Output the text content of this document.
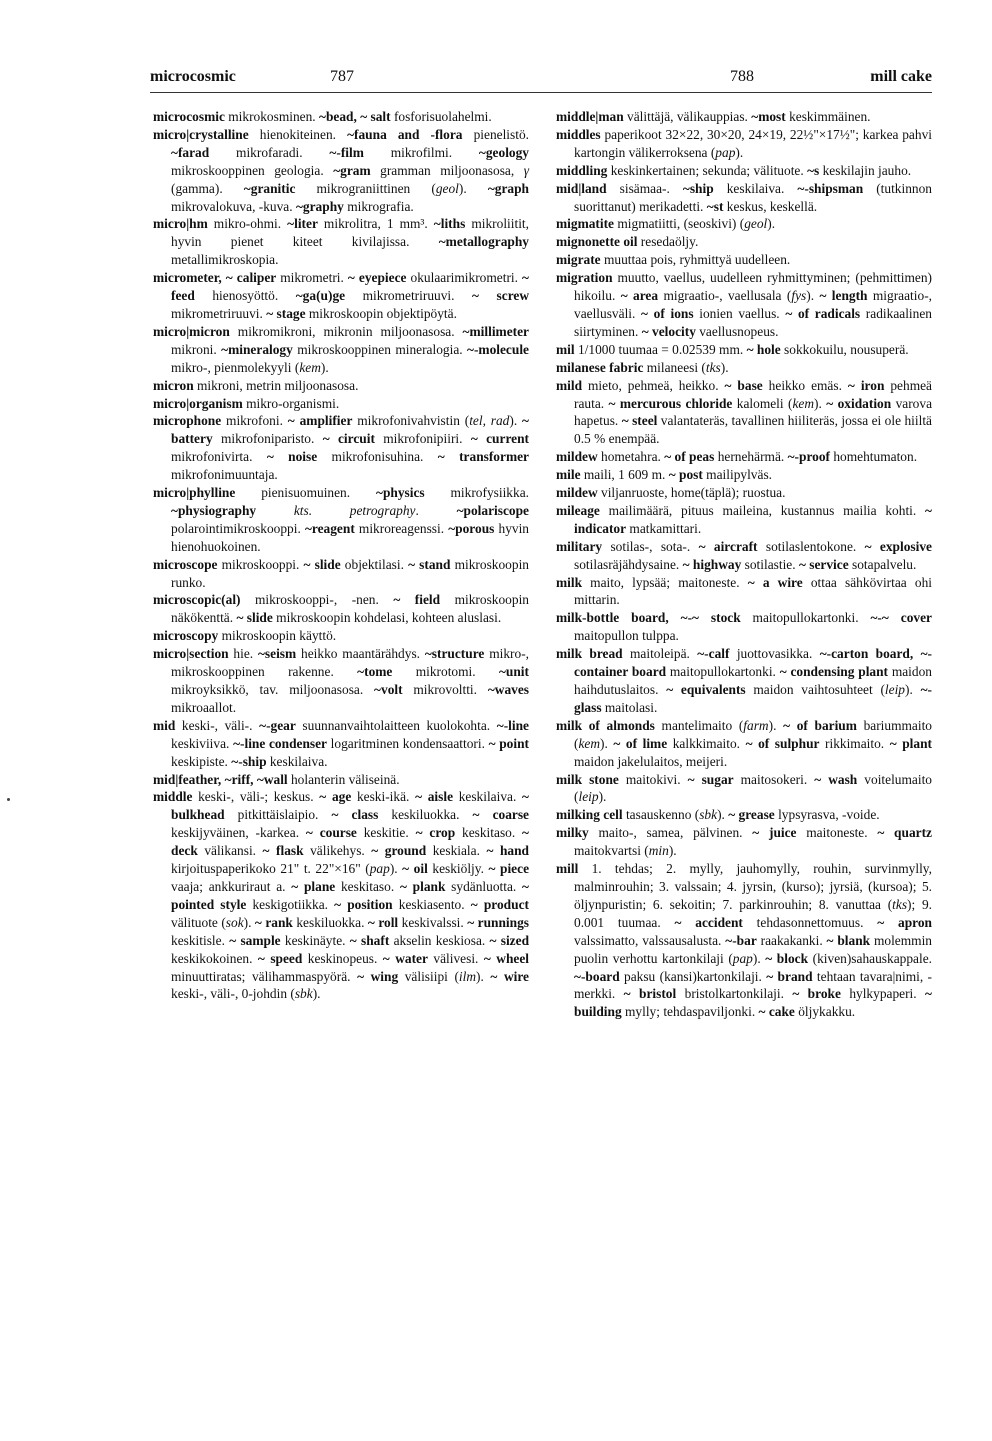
microcosmic	787	788	mill cake

microcosmic mikrokosminen. ~bead, ~ salt fosforisuolahelmi.

micro|crystalline hienokiteinen. ~fauna and -flora pienelistö. ~farad mikrofaradi. ~-film mikrofilmi. ~geology mikroskooppinen geologia. ~gram gramman miljoonasosa, γ (gamma). ~granitic mikrograniittinen (geol). ~graph mikrovalokuva, -kuva. ~graphy mikrografia.

micro|hm mikro-ohmi. ~liter mikrolitra, 1 mm³. ~liths mikroliitit, hyvin pienet kiteet kivilajissa. ~metallography metallimikroskopia.

micrometer, ~ caliper mikrometri. ~ eyepiece okulaarimikrometri. ~ feed hienosyöttö. ~ga(u)ge mikrometriruuvi. ~ screw mikrometriruuvi. ~ stage mikroskoopin objektipöytä.

micro|micron mikromikroni, mikronin miljoonasosa. ~millimeter mikroni. ~mineralogy mikroskooppinen mineralogia. ~-molecule mikro-, pienmolekyyli (kem).

micron mikroni, metrin miljoonasosa.

micro|organism mikro-organismi.

microphone mikrofoni. ~ amplifier mikrofonivahvistin (tel, rad). ~ battery mikrofoniparisto. ~ circuit mikrofonipiiri. ~ current mikrofonivirta. ~ noise mikrofonisuhina. ~ transformer mikrofonimuuntaja.

micro|phylline pienisuomuinen. ~physics mikrofysiikka. ~physiography	kts. petrography. ~polariscope polarointimikroskooppi. ~reagent mikroreagenssi. ~porous hyvin hienohuokoinen.

microscope mikroskooppi. ~ slide objektilasi. ~ stand mikroskoopin runko.

microscopic(al) mikroskooppi-, -nen. ~ field mikroskoopin näkökenttä. ~ slide mikroskoopin kohdelasi, kohteen aluslasi.

microscopy mikroskoopin käyttö.

micro|section hie. ~seism heikko maantärähdys. ~structure mikro-, mikroskooppinen rakenne. ~tome mikrotomi. ~unit mikroyksikkö, tav. miljoonasosa. ~volt mikrovoltti. ~waves mikroaallot.

mid keski-, väli-. ~-gear suunnanvaihtolaitteen kuolokohta. ~-line keskiviiva. ~-line condenser logaritminen kondensaattori. ~ point keskipiste. ~-ship keskilaiva.

mid|feather, ~riff, ~wall holanterin väliseinä.

middle keski-, väli-; keskus. ~ age keski-ikä. ~ aisle keskilaiva. ~ bulkhead pitkittäislaipio. ~ class keskiluokka. ~ coarse keskijyväinen, -karkea. ~ course keskitie. ~ crop keskitaso. ~ deck välikansi. ~ flask välikehys. ~ ground keskiala. ~ hand kirjoituspaperikoko 21" t. 22"×16" (pap). ~ oil keskiöljy. ~ piece vaaja; ankkuriraut a. ~ plane keskitaso. ~ plank sydänluotta. ~ pointed style keskigotiikka. ~ position keskiasento. ~ product välituote (sok). ~ rank keskiluokka. ~ roll keskivalssi. ~ runnings keskitisle. ~ sample keskinäyte. ~ shaft akselin keskiosa. ~ sized keskikokoinen. ~ speed keskinopeus. ~ water välivesi. ~ wheel minuuttiratas; välihammaspyörä. ~ wing välisiipi (ilm). ~ wire keski-, väli-, 0-johdin (sbk).

middle|man välittäjä, välikauppias. ~most keskimmäinen.

middles paperikoot 32×22, 30×20, 24×19, 22½"×17½"; karkea pahvi kartongin välikerroksena (pap).

middling keskinkertainen; sekunda; välituote. ~s keskilajin jauho.

mid|land sisämaa-. ~ship keskilaiva. ~-shipsman (tutkinnon suorittanut) merikadetti. ~st keskus, keskellä.

migmatite migmatiitti, (seoskivi) (geol).

mignonette oil resedaöljy.

migrate muuttaa pois, ryhmittyä uudelleen.

migration muutto, vaellus, uudelleen ryhmittyminen; (pehmittimen) hikoilu. ~ area migraatio-, vaellusala (fys). ~ length migraatio-, vaellusväli. ~ of ions ionien vaellus. ~ of radicals radikaalinen siirtyminen. ~ velocity vaellusnopeus.

mil 1/1000 tuumaa = 0.02539 mm. ~ hole sokkokuilu, nousuperä.

milanese fabric milaneesi (tks).

mild mieto, pehmeä, heikko. ~ base heikko emäs. ~ iron pehmeä rauta. ~ mercurous chloride kalomeli (kem). ~ oxidation varova hapetus. ~ steel valantateräs, tavallinen hiiliteräs, jossa ei ole hiiltä 0.5 % enempää.

mildew hometahra. ~ of peas hernehärmä. ~-proof homehtumaton.

mile maili, 1 609 m. ~ post mailipylväs.

mildew viljanruoste, home(täplä); ruostua.

mileage mailimäärä, pituus maileina, kustannus mailia kohti. ~ indicator matkamittari.

military sotilas-, sota-. ~ aircraft sotilaslentokone. ~ explosive sotilasräjähdysaine. ~ highway sotilastie. ~ service sotapalvelu.

milk maito, lypsää; maitoneste. ~ a wire ottaa sähkövirtaa ohi mittarin.

milk-bottle board, ~-~ stock maitopullokartonki. ~-~ cover maitopullon tulppa.

milk bread maitoleipä. ~-calf juottovasikka. ~-carton board, ~-container board maitopullokartonki. ~ condensing plant maidon haihdutuslaitos. ~ equivalents maidon vaihtosuhteet (leip). ~-glass maitolasi.

milk of almonds mantelimaito (farm). ~ of barium bariummaito (kem). ~ of lime kalkkimaito. ~ of sulphur rikkimaito. ~ plant maidon jakelulaitos, meijeri.

milk stone maitokivi. ~ sugar maitosokeri. ~ wash voitelumaito (leip).

milking cell tasauskenno (sbk). ~ grease lypsyrasva, -voide.

milky maito-, samea, pälvinen. ~ juice maitoneste. ~ quartz maitokvartsi (min).

mill 1. tehdas; 2. mylly, jauhomylly, rouhin, survinmylly, malminrouhin; 3. valssain; 4. jyrsin, (kurso); jyrsiä, (kursoa); 5. öljynpuristin; 6. sekoitin; 7. parkinrouhin; 8. vanuttaa (tks); 9. 0.001 tuumaa. ~ accident tehdasonnettomuus. ~ apron valssimatto, valssausalusta. ~-bar raakakanki. ~ blank molemmin puolin verhottu kartonkilaji (pap). ~ block (kiven)sahauskappale. ~-board paksu (kansi)kartonkilaji. ~ brand tehtaan tavara|nimi, -merkki. ~ bristol bristolkartonkilaji. ~ broke hylkypaperi. ~ building mylly; tehdaspaviljonki. ~ cake öljykakku.
